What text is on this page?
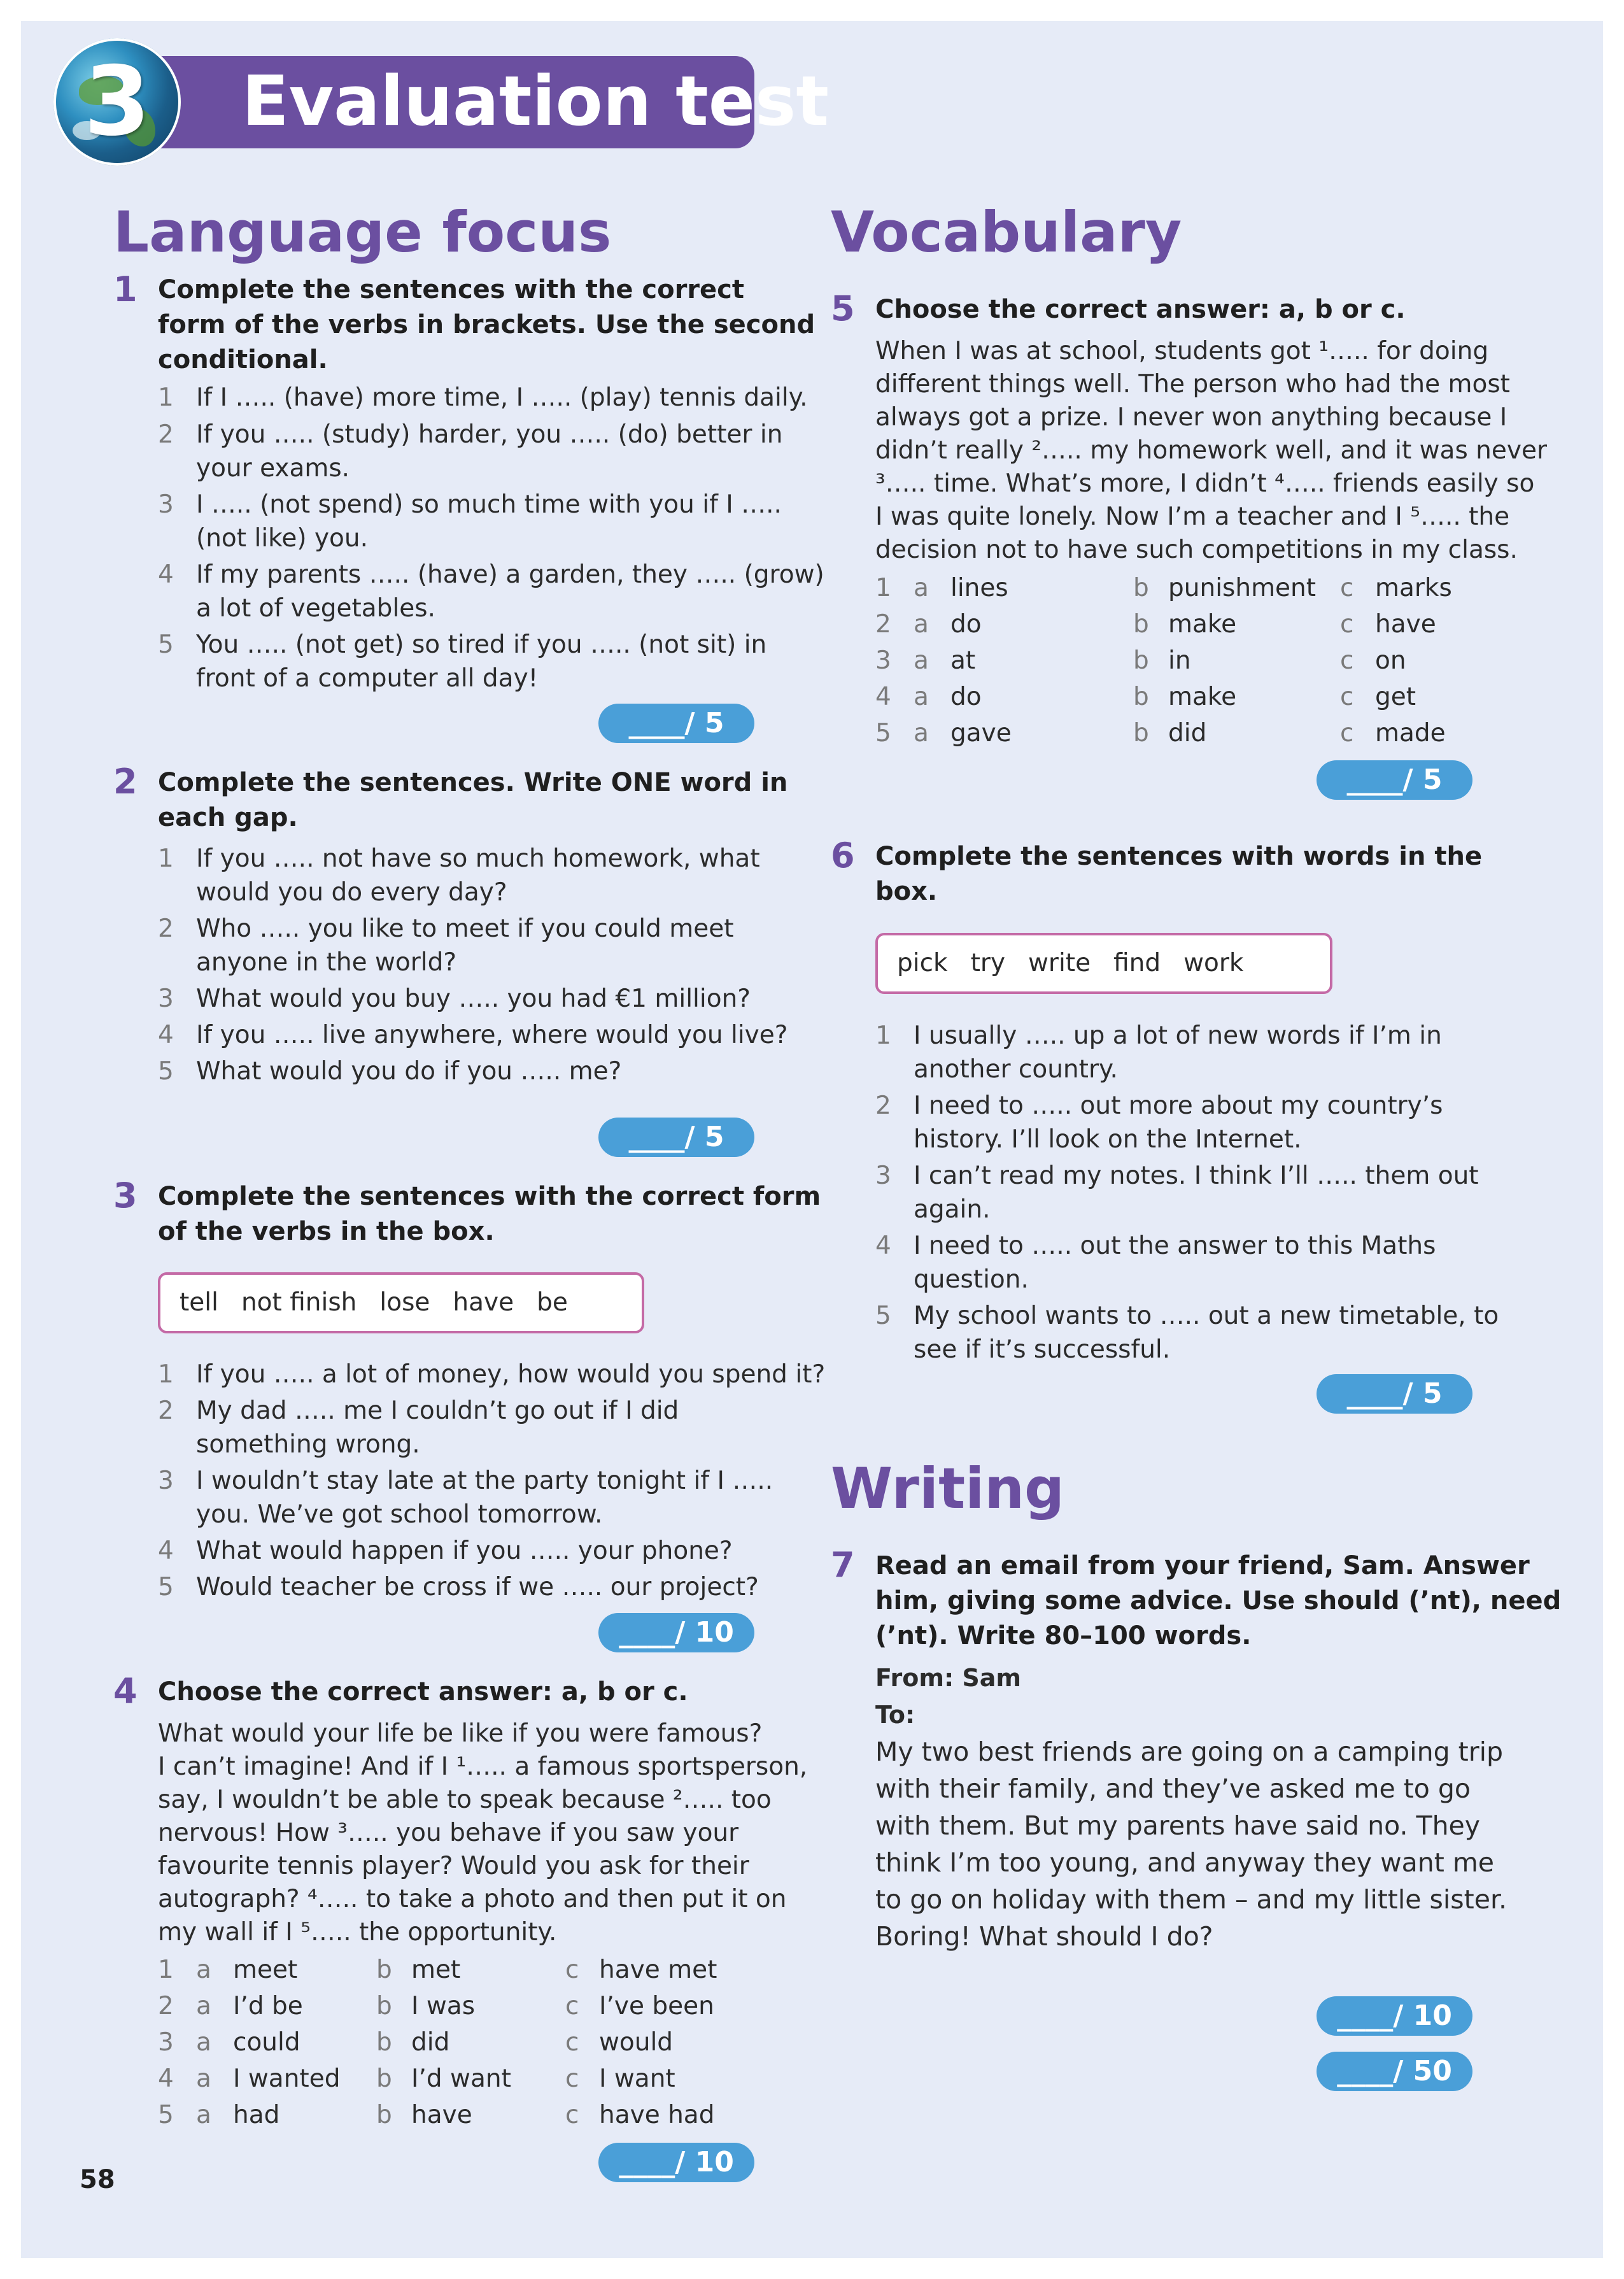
3	Evaluation test
Language focus
1 Complete the sentences with the correct
form of the verbs in brackets. Use the second
conditional.
1 If I ….. (have) more time, I ….. (play) tennis daily.
2 If you ….. (study) harder, you ….. (do) better in
your exams.
3 I ….. (not spend) so much time with you if I …..
(not like) you.
4 If my parents ….. (have) a garden, they ….. (grow)
a lot of vegetables.
5 You ….. (not get) so tired if you ….. (not sit) in
front of a computer all day!
____/ 5
2 Complete the sentences. Write ONE word in
each gap.
1 If you ….. not have so much homework, what
would you do every day?
2 Who ….. you like to meet if you could meet
anyone in the world?
3 What would you buy ….. you had €1 million?
4 If you ….. live anywhere, where would you live?
5 What would you do if you ….. me?
____/ 5
3 Complete the sentences with the correct form
of the verbs in the box.
tell not finish lose have be
1 If you ….. a lot of money, how would you spend it?
2 My dad ….. me I couldn’t go out if I did
something wrong.
3 I wouldn’t stay late at the party tonight if I …..
you. We’ve got school tomorrow.
4 What would happen if you ….. your phone?
5 Would teacher be cross if we ….. our project?
____/ 10
4 Choose the correct answer: a, b or c.
What would your life be like if you were famous?
I can’t imagine! And if I ¹….. a famous sportsperson,
say, I wouldn’t be able to speak because ²….. too
nervous! How ³….. you behave if you saw your
favourite tennis player? Would you ask for their
autograph? ⁴….. to take a photo and then put it on
my wall if I ⁵….. the opportunity.
1 a meet	b met	c have met
2 a I’d be	b I was	c I’ve been
3 a could	b did	c would
4 a I wanted b I’d want c I want
5 a had	b have	c have had
____/ 10
58
Vocabulary
5 Choose the correct answer: a, b or c.
When I was at school, students got ¹….. for doing
different things well. The person who had the most
always got a prize. I never won anything because I
didn’t really ²….. my homework well, and it was never
³….. time. What’s more, I didn’t ⁴….. friends easily so
I was quite lonely. Now I’m a teacher and I ⁵….. the
decision not to have such competitions in my class.
1 a lines	b punishment c marks
2 a do	b make	c have
3 a at	b in	c on
4 a do	b make	c get
5 a gave	b did	c made
____/ 5
6 Complete the sentences with words in the
box.
pick try write find work
1 I usually ….. up a lot of new words if I’m in
another country.
2 I need to ….. out more about my country’s
history. I’ll look on the Internet.
3 I can’t read my notes. I think I’ll ….. them out
again.
4 I need to ….. out the answer to this Maths
question.
5 My school wants to ….. out a new timetable, to
see if it’s successful.
____/ 5
Writing
7 Read an email from your friend, Sam. Answer
him, giving some advice. Use should (’nt), need
(’nt). Write 80–100 words.
From: Sam
To:
My two best friends are going on a camping trip
with their family, and they’ve asked me to go
with them. But my parents have said no. They
think I’m too young, and anyway they want me
to go on holiday with them – and my little sister.
Boring! What should I do?
____/ 10
____/ 50
